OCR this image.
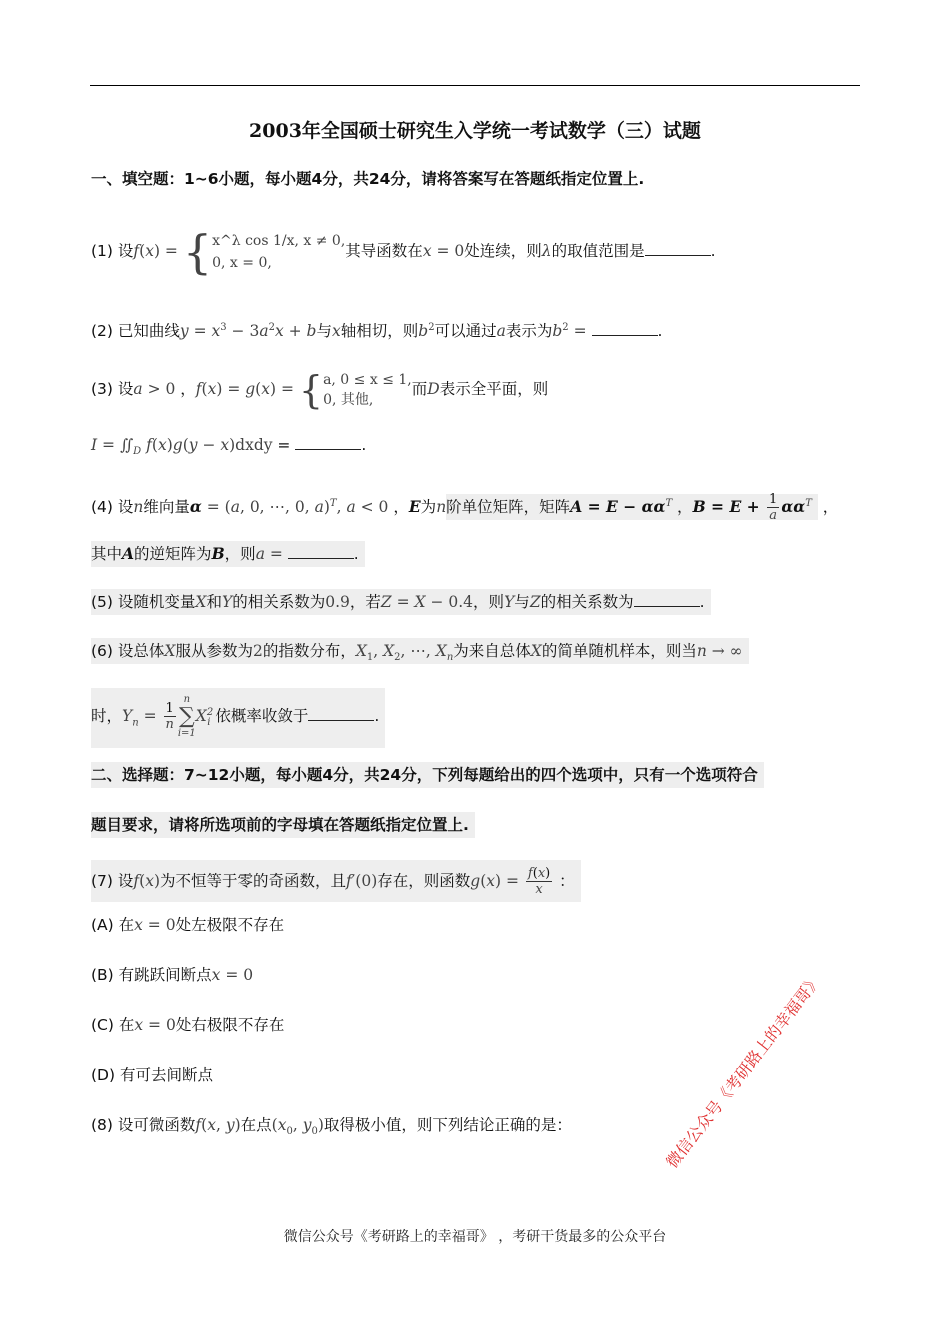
2003年全国硕士研究生入学统一考试数学（三）试题
一、填空题：1~6小题，每小题4分，共24分，请将答案写在答题纸指定位置上.
(1) 设f(x) = { x^λ cos 1/x, x ≠ 0,
0, x = 0,
其导函数在x = 0处连续，则λ的取值范围是	.
(2) 已知曲线$y = x^3 - 3a^2x + b$与x轴相切，则$b^2$可以通过a表示为$b^2$ =	.
(3) 设a > 0 ，f(x) = g(x) = { a, 0 ≤ x ≤ 1,
0, 其他,
而D表示全平面，则
$I = ∬_D$ f(x)g(y − x)dxdy =	.
(4) 设n维向量α = (a, 0, ⋯, 0, a)$^T$, a < 0 ，E为n阶单位矩阵，矩阵$A = E - \alpha\alpha^T$ ，$B = E + \frac{1}{a} \alpha\alpha^T$ ，
其中A的逆矩阵为B，则a =	.
(5) 设随机变量X和Y的相关系数为0.9，若Z = X − 0.4，则Y与Z的相关系数为	.
(6) 设总体X服从参数为2的指数分布，$X_1$, $X_2$, ⋯, $X_n$为来自总体X的简单随机样本，则当n → ∞
时，$Y_n = \frac{1}{n}$
n
∑
i=1
$X^2_i$ 依概率收敛于	.
二、选择题：7~12小题，每小题4分，共24分，下列每题给出的四个选项中，只有一个选项符合
题目要求，请将所选项前的字母填在答题纸指定位置上.
(7) 设f(x)为不恒等于零的奇函数，且f′(0)存在，则函数$g(x) = \frac{f(x)}{x}$ ：
(A) 在x = 0处左极限不存在
(B) 有跳跃间断点x = 0
(C) 在x = 0处右极限不存在
(D) 有可去间断点
(8) 设可微函数f(x, y)在点($x_0$, $y_0$)取得极小值，则下列结论正确的是：	微信公众号《考研路上的幸福哥》
微信公众号《考研路上的幸福哥》 ，考研干货最多的公众平台
